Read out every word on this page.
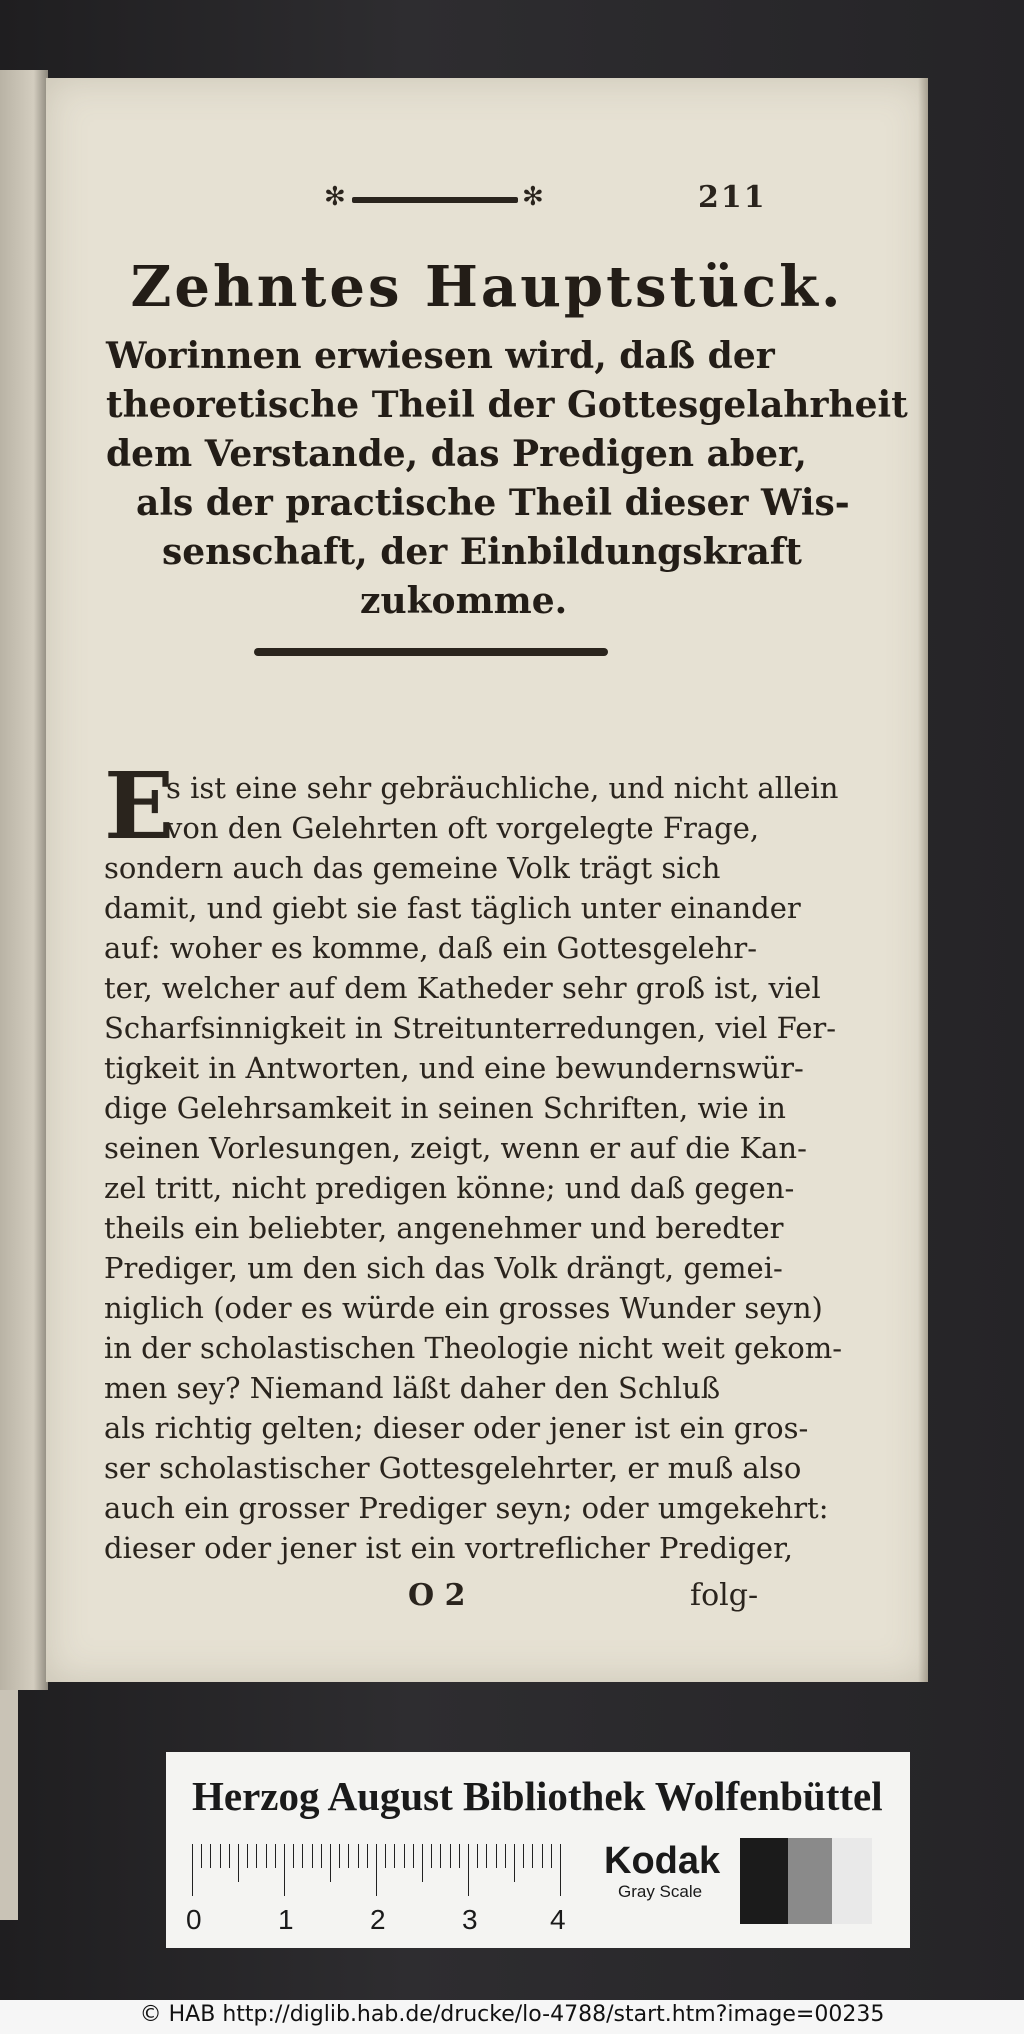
✻	✻	211
Zehntes Hauptstück.
Worinnen erwiesen wird, daß der
theoretische Theil der Gottesgelahrheit
dem Verstande, das Predigen aber,
als der practische Theil dieser Wis-
senschaft, der Einbildungskraft
zukomme.
E
s ist eine sehr gebräuchliche, und nicht allein
von den Gelehrten oft vorgelegte Frage,
sondern auch das gemeine Volk trägt sich
damit, und giebt sie fast täglich unter einander
auf: woher es komme, daß ein Gottesgelehr-
ter, welcher auf dem Katheder sehr groß ist, viel
Scharfsinnigkeit in Streitunterredungen, viel Fer-
tigkeit in Antworten, und eine bewundernswür-
dige Gelehrsamkeit in seinen Schriften, wie in
seinen Vorlesungen, zeigt, wenn er auf die Kan-
zel tritt, nicht predigen könne; und daß gegen-
theils ein beliebter, angenehmer und beredter
Prediger, um den sich das Volk drängt, gemei-
niglich (oder es würde ein grosses Wunder seyn)
in der scholastischen Theologie nicht weit gekom-
men sey? Niemand läßt daher den Schluß
als richtig gelten; dieser oder jener ist ein gros-
ser scholastischer Gottesgelehrter, er muß also
auch ein grosser Prediger seyn; oder umgekehrt:
dieser oder jener ist ein vortreflicher Prediger,
O 2	folg-
Herzog August Bibliothek Wolfenbüttel
0	1	2	3	4
Kodak
Gray Scale
© HAB http://diglib.hab.de/drucke/lo-4788/start.htm?image=00235
